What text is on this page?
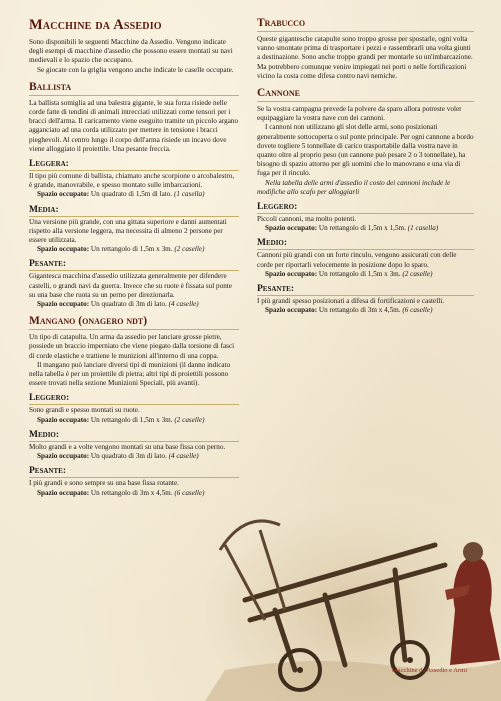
Macchine da Assedio

Sono disponibili le seguenti Macchine da Assedio. Vengono indicate degli esempi di macchine d'assedio che possono essere montati su navi medievali e lo spazio che occupano.

Se giocate con la griglia vengono anche indicate le caselle occupate.

Ballista

La ballista somiglia ad una balestra gigante, le sua forza risiede nelle corde fatte di tendini di animali intrecciati utilizzati come tensori per i bracci dell'arma. Il caricamento viene eseguito tramite un piccolo argano agganciato ad una corda utilizzato per mettere in tensione i bracci pieghevoli. Al centro lungo il corpo dell'arma risiede un incavo dove viene alloggiato il proiettile. Una pesante freccia.

Leggera:

Il tipo più comune di ballista, chiamato anche scorpione o arcobalestro, è grande, manovrabile, e spesso montato sulle imbarcazioni.

Spazio occupato: Un quadrato di 1,5m di lato. (1 casella)

Media:

Una versione più grande, con una gittata superiore e danni aumentati rispetto alla versione leggera, ma necessita di almeno 2 persone per essere utilizzata.

Spazio occupato: Un rettangolo di 1,5m x 3m. (2 caselle)

Pesante:

Gigantesca macchina d'assedio utilizzata generalmente per difendere castelli, o grandi navi da guerra. Invece che su ruote è fissata sul ponte su una base che ruota su un perno per direzionarla.

Spazio occupato: Un quadrato di 3m di lato. (4 caselle)

Mangano (onagero ndt)

Un tipo di catapulta. Un arma da assedio per lanciare grosse pietre, possiede un braccio imperniato che viene piegato dalla torsione di fasci di corde elastiche e trattiene le munizioni all'interno di una coppa.

Il mangano può lanciare diversi tipi di munizioni (il danno indicato nella tabella è per un proiettile di pietra; altri tipi di proiettili possono essere trovati nella sezione Munizioni Speciali, più avanti).

Leggero:

Sono grandi e spesso montati su ruote.

Spazio occupato: Un rettangolo di 1,5m x 3m. (2 caselle)

Medio:

Molto grandi e a volte vengono montati su una base fissa con perno.

Spazio occupato: Un quadrato di 3m di lato. (4 caselle)

Pesante:

I più grandi e sono sempre su una base fissa rotante.

Spazio occupato: Un rettangolo di 3m x 4,5m. (6 caselle)

Trabucco

Queste gigantesche catapulte sono troppo grosse per spostarle, ogni volta vanno smontate prima di trasportare i pezzi e rassembrarli una volta giunti a destinazione. Sono anche troppo grandi per montarle su un'imbarcazione. Ma potrebbero comunque venire impiegati nei porti o nelle fortificazioni vicino la costa come difesa contro navi nemiche.

Cannone

Se la vostra campagna prevede la polvere da sparo allora potreste voler equipaggiare la vostra nave con dei cannoni.

I cannoni non utilizzano gli slot delle armi, sono posizionati generalmente sottocoperta o sul ponte principale. Per ogni cannone a bordo dovete togliere 5 tonnellate di carico trasportabile dalla vostra nave in quanto oltre al proprio peso (un cannone può pesare 2 o 3 tonnellate), ha bisogno di spazio attorno per gli uomini che lo manovrano e una via di fuga per il rinculo.

Nella tabella delle armi d'assedio il costo dei cannoni include le modifiche allo scafo per alloggiarli

Leggero:

Piccoli cannoni, ma molto potenti.

Spazio occupato: Un rettangolo di 1,5m x 1,5m. (1 casella)

Medio:

Cannoni più grandi con un forte rinculo, vengono assicurati con delle corde per riportarli velocemente in posizione dopo lo sparo.

Spazio occupato: Un rettangolo di 1,5m x 3m. (2 caselle)

Pesante:

I più grandi spesso posizionati a difesa di fortificazioni e castelli.

Spazio occupato: Un rettangolo di 3m x 4,5m. (6 caselle)

Macchine da Assedio e Armi
